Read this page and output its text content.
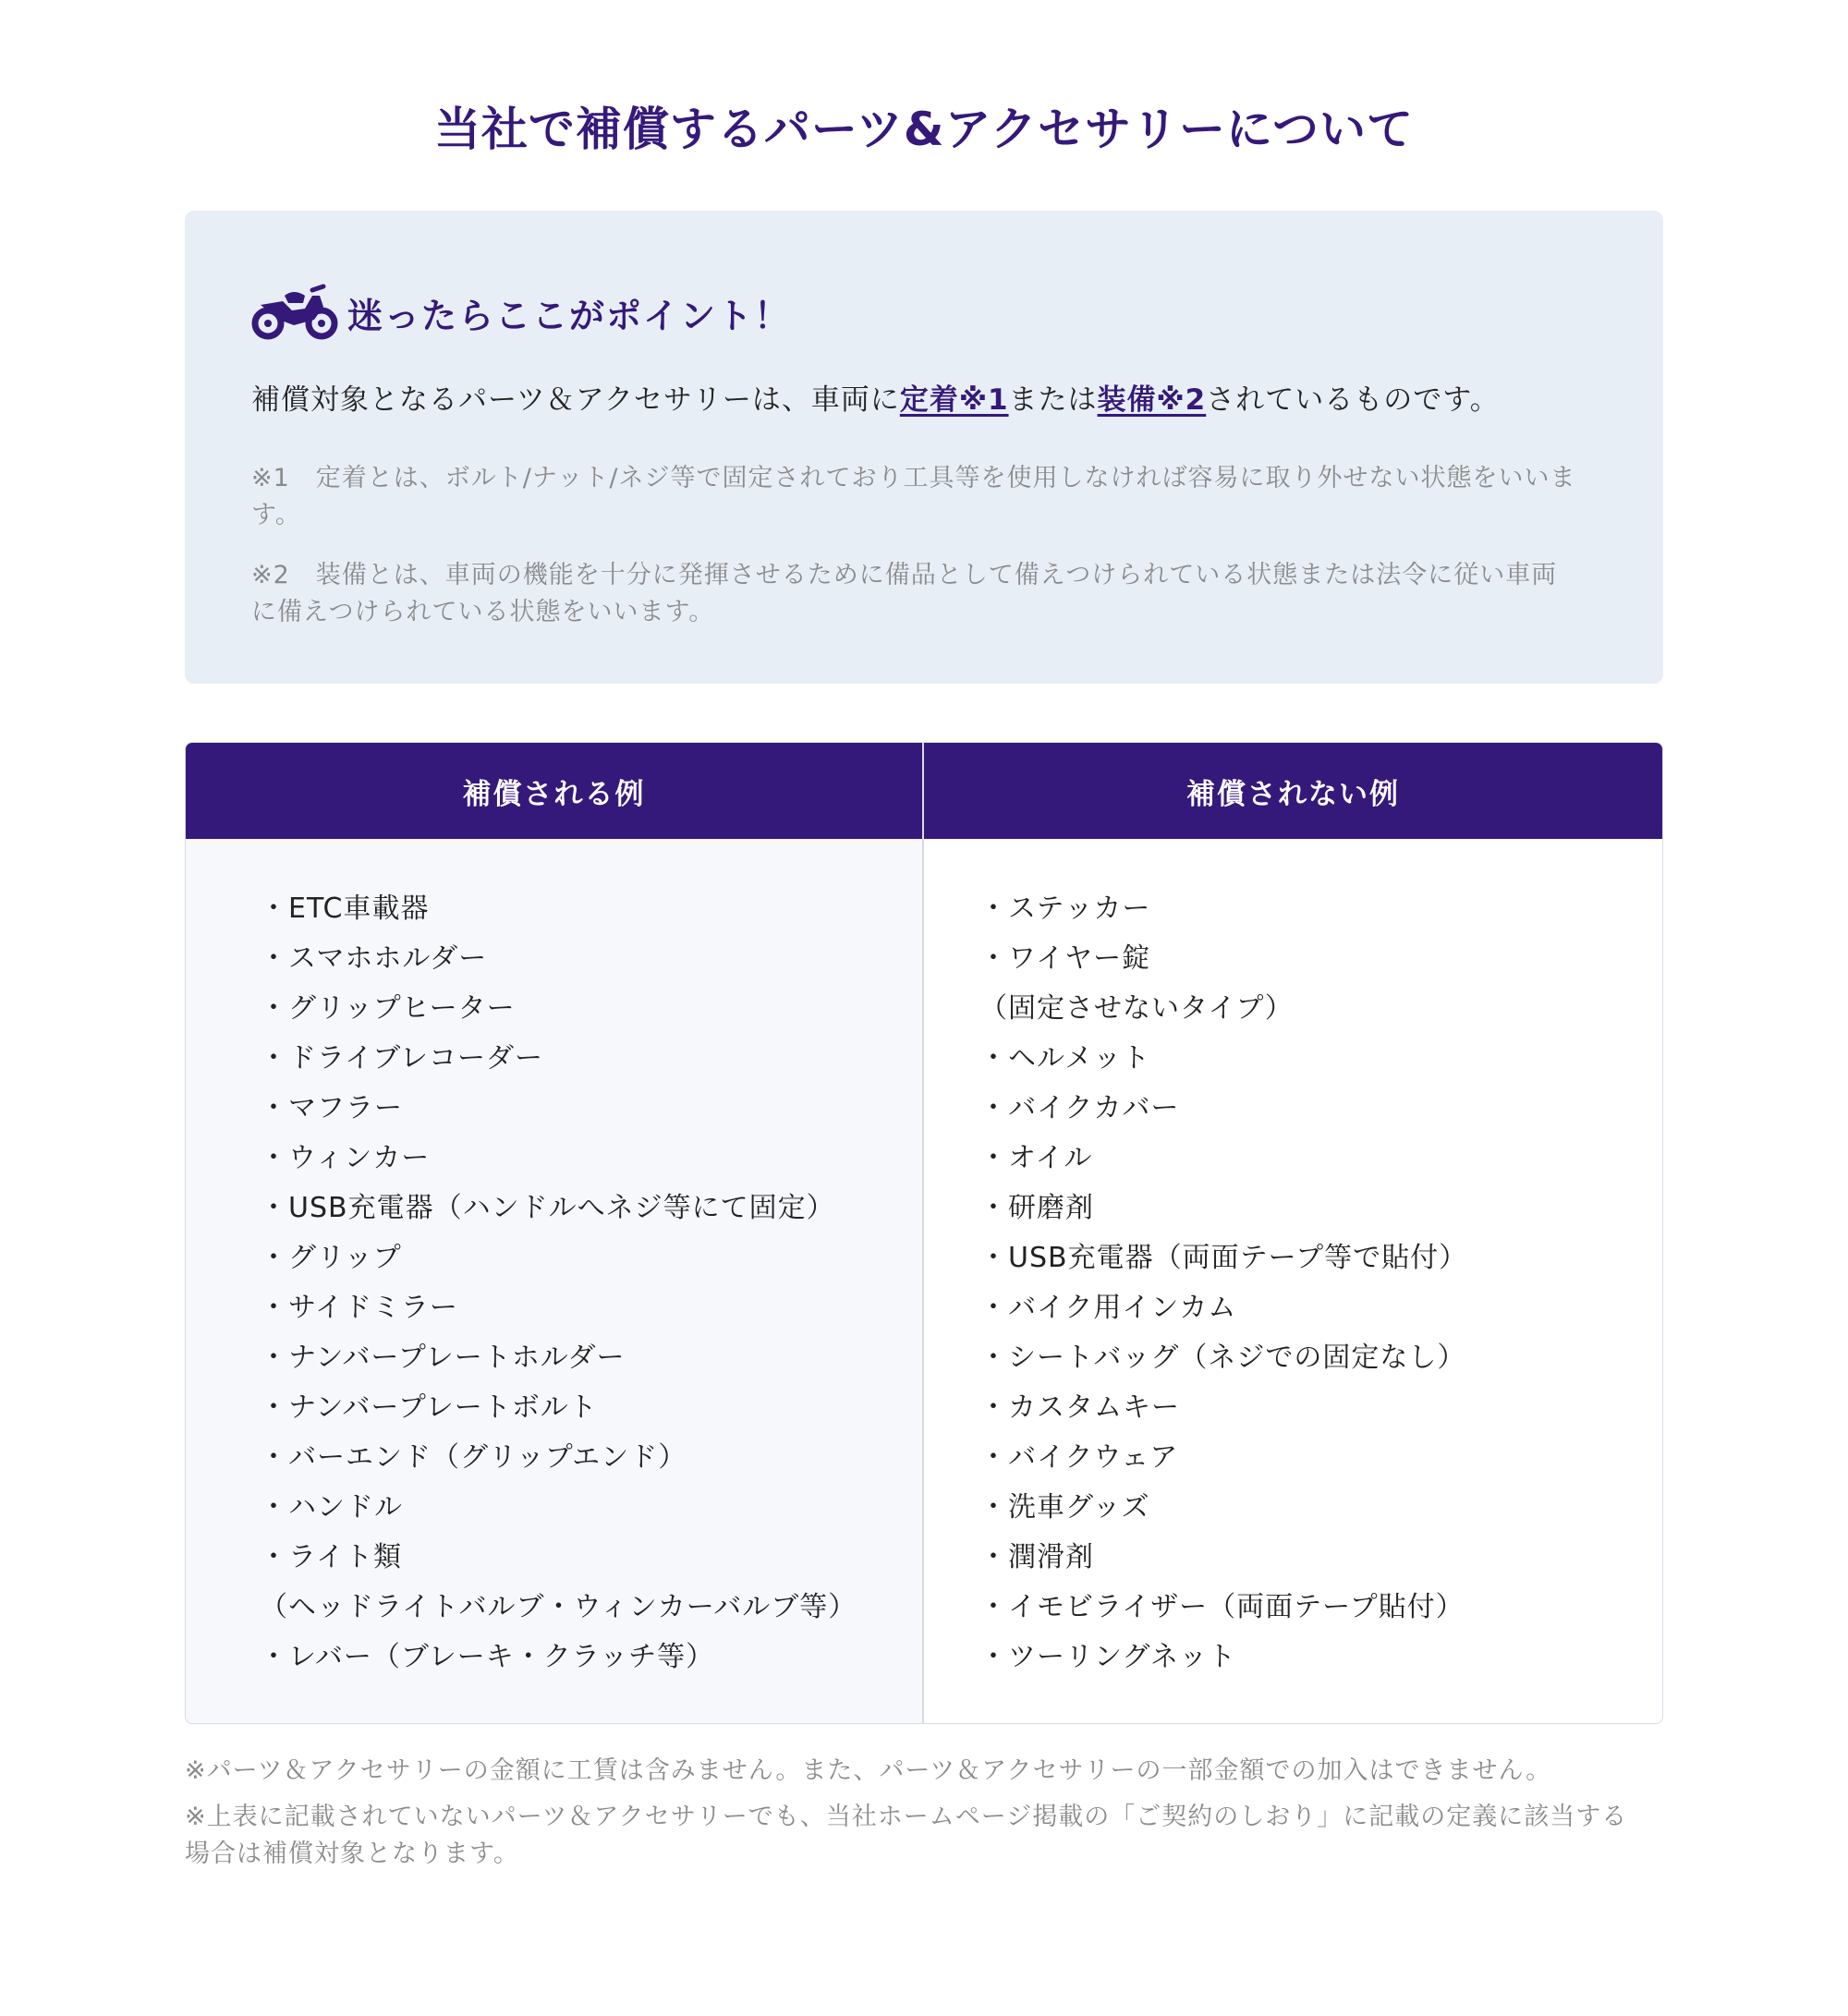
当社で補償するパーツ&アクセサリーについて
迷ったらここがポイント！

補償対象となるパーツ＆アクセサリーは、車両に定着※1または装備※2されているものです。

※1　定着とは、ボルト/ナット/ネジ等で固定されており工具等を使用しなければ容易に取り外せない状態をいいます。

※2　装備とは、車両の機能を十分に発揮させるために備品として備えつけられている状態または法令に従い車両に備えつけられている状態をいいます。

補償される例
・ETC車載器
・スマホホルダー
・グリップヒーター
・ドライブレコーダー
・マフラー
・ウィンカー
・USB充電器（ハンドルへネジ等にて固定）
・グリップ
・サイドミラー
・ナンバープレートホルダー
・ナンバープレートボルト
・バーエンド（グリップエンド）
・ハンドル
・ライト類
（ヘッドライトバルブ・ウィンカーバルブ等）
・レバー（ブレーキ・クラッチ等）
補償されない例
・ステッカー
・ワイヤー錠
（固定させないタイプ）
・ヘルメット
・バイクカバー
・オイル
・研磨剤
・USB充電器（両面テープ等で貼付）
・バイク用インカム
・シートバッグ（ネジでの固定なし）
・カスタムキー
・バイクウェア
・洗車グッズ
・潤滑剤
・イモビライザー（両面テープ貼付）
・ツーリングネット

※パーツ＆アクセサリーの金額に工賃は含みません。また、パーツ＆アクセサリーの一部金額での加入はできません。

※上表に記載されていないパーツ＆アクセサリーでも、当社ホームページ掲載の「ご契約のしおり」に記載の定義に該当する場合は補償対象となります。
